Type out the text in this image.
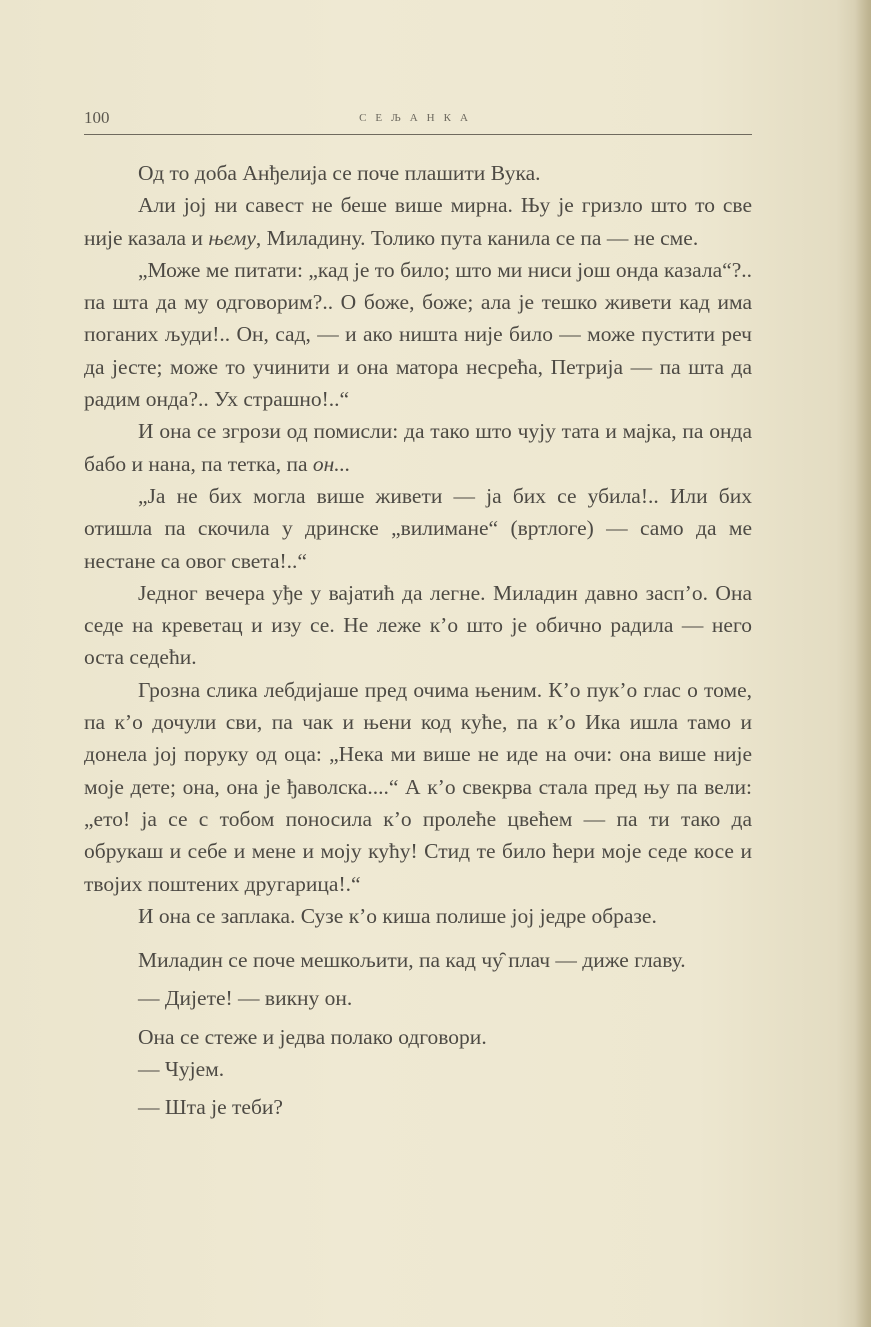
100	СЕЉАНКА

Од то доба Анђелија се поче плашити Вука.

Али јој ни савест не беше више мирна. Њу је гризло што то све није казала и њему, Миладину. Толико пута канила се па — не сме.

„Може ме питати: „кад је то било; што ми ниси још онда казала“?.. па шта да му одговорим?.. О боже, боже; ала је тешко живети кад има поганих људи!.. Он, сад, — и ако ништа није било — може пустити реч да јесте; може то учинити и она матора несрећа, Петрија — па шта да радим онда?.. Ух страшно!..“

И она се згрози од помисли: да тако што чују тата и мајка, па онда бабо и нана, па тетка, па он...

„Ја не бих могла више живети — ја бих се убила!.. Или бих отишла па скочила у дринске „вилимане“ (вртлоге) — само да ме нестане са овог света!..“

Једног вечера уђе у вајатић да легне. Миладин давно засп’о. Она седе на креветац и изу се. Не леже к’о што је обично радила — него оста седећи.

Грозна слика лебдијаше пред очима њеним. К’о пук’о глас о томе, па к’о дочули сви, па чак и њени код куће, па к’о Ика ишла тамо и донела јој поруку од оца: „Нека ми више не иде на очи: она више није моје дете; она, она је ђаволска....“ А к’о свекрва стала пред њу па вели: „ето! ја се с тобом поносила к’о пролеће цвећем — па ти тако да обрукаш и себе и мене и моју кућу! Стид те било ћери моје седе косе и твојих поштених другарица!.“

И она се заплака. Сузе к’о киша полише јој једре образе.

Миладин се поче мешкољити, па кад чу̑ плач — диже главу.

— Дијете! — викну он.

Она се стеже и једва полако одговори.

— Чујем.

— Шта је теби?
